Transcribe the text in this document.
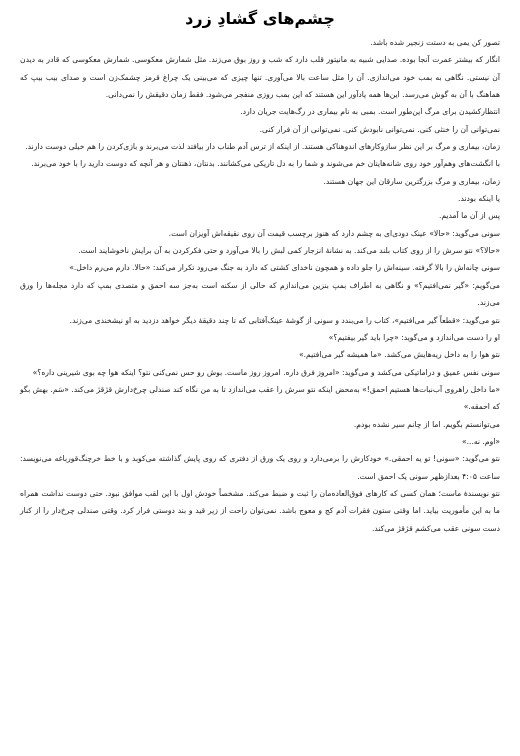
چشم‌های گشادِ زرد

تصور کن یمی به دستت زنجیر شده باشد.

انگار که بیشتر عمرت آنجا بوده. صدایی شبیه به مانیتور قلب دارد که شب و روز بوق می‌زند. مثل شمارش معکوسی. شمارش معکوسی که قادر به دیدن آن نیستی. نگاهی به بمب خود می‌اندازی. آن را مثل ساعت بالا می‌آوری. تنها چیزی که می‌بینی یک چراغ قرمز چشمک‌زن است و صدای بیب بیپ که هماهنگ با آن به گوش می‌رسد. این‌ها همه یادآور این هستند که این بمب روزی منفجر می‌شود. فقط زمان دقیقش را نمی‌دانی.

انتظارکشیدن برای مرگ این‌طور است. بمبی به نام بیماری در رگ‌هایت جریان دارد.

نمی‌توانی آن را خنثی کنی. نمی‌توانی نابودش کنی. نمی‌توانی از آن فرار کنی.

زمان، بیماری و مرگ بر این نظر سازوکارهای اندوهناکی هستند. از اینکه از ترس آدم طناب دار بیافتد لذت می‌برند و بازی‌کردن را هم خیلی دوست دارند.

با انگشت‌های وهم‌آور خود روی شانه‌هایتان خم می‌شوند و شما را به دل تاریکی می‌کشانند. بدنتان، ذهنتان و هر آنچه که دوست دارید را با خود می‌برند.

زمان، بیماری و مرگ بزرگترین سارقان این جهان هستند.

یا اینکه بودند.

پس از آن ما آمدیم.

سونی می‌گوید: «حالا» عینک دودی‌ای به چشم دارد که هنوز برچسب قیمت آن روی نقیقه‌اش آویزان است.

«حالا؟» نتو سرش را از روی کتاب بلند می‌کند. به نشانهٔ انزجار کمی لبش را بالا می‌آورد و حتی فکرکردن به آن برایش ناخوشایند است.

سونی چانه‌اش را بالا گرفته. سینه‌اش را جلو داده و همچون ناخدای کشتی که دارد به جنگ می‌رود تکرار می‌کند: «حالا. دارم می‌رم داخل.»

می‌گویم: «گیر نمی‌افتیم؟» و نگاهی به اطراف بمپ بنزین می‌اندازم که حالی از سکنه است به‌جز سه احمق و متصدی بمپ که دارد مجله‌ها را ورق می‌زند.

نتو می‌گوید: «قطعاً گیر می‌افتیم»، کتاب را می‌بندد و سونی از گوشهٔ عینک‌آفتابی که تا چند دقیقهٔ دیگر خواهد دزدید به او نیشخندی می‌زند.

او را دست می‌اندازد و می‌گوید: «چرا باید گیر بیفتیم؟»

نتو هوا را به داخل ریه‌هایش می‌کشد. «ما همیشه گیر می‌افتیم.»

سونی نفس عمیق و دراماتیکی می‌کشد و می‌گوید: «امروز فرق داره. امروز روز ماست. بوش رو حس نمی‌کنی نتو؟ اینکه هوا چه بوی شیرینی داره؟»

«ما داخل راهروی آب‌نبات‌ها هستیم احمق!» به‌محض اینکه نتو سرش را عقب می‌اندازد تا به من نگاه کند صندلی چرخ‌دارش قژقژ می‌کند. «سَم. بهش بگو که احمقه.»

می‌توانستم بگویم. اما از چانم سیر نشده بودم.

«اوم. نه...»

نتو می‌گوید: «سونی! تو یه احمقی.» خودکارش را برمی‌دارد و روی یک ورق از دفتری که روی پایش گذاشته می‌کوبد و با خط خرچنگ‌قورباغه می‌نویسد: ساعت ۴:۰۵ بعدازظهر سونی یک احمق است.

نتو نویسندهٔ ماست؛ همان کسی که کارهای فوق‌العاده‌مان را ثبت و ضبط می‌کند. مشخصاً خودش اول با این لقب موافق نبود. حتی دوست نداشت همراه ما به این مأموریت بیاید. اما وقتی ستون فقرات آدم کج و معوج باشد. نمی‌توان راحت از زیر قید و بند دوستی فرار کرد. وقتی صندلی چرخ‌دار را از کنار دست سونی عقب می‌کشم قژقژ می‌کند.
